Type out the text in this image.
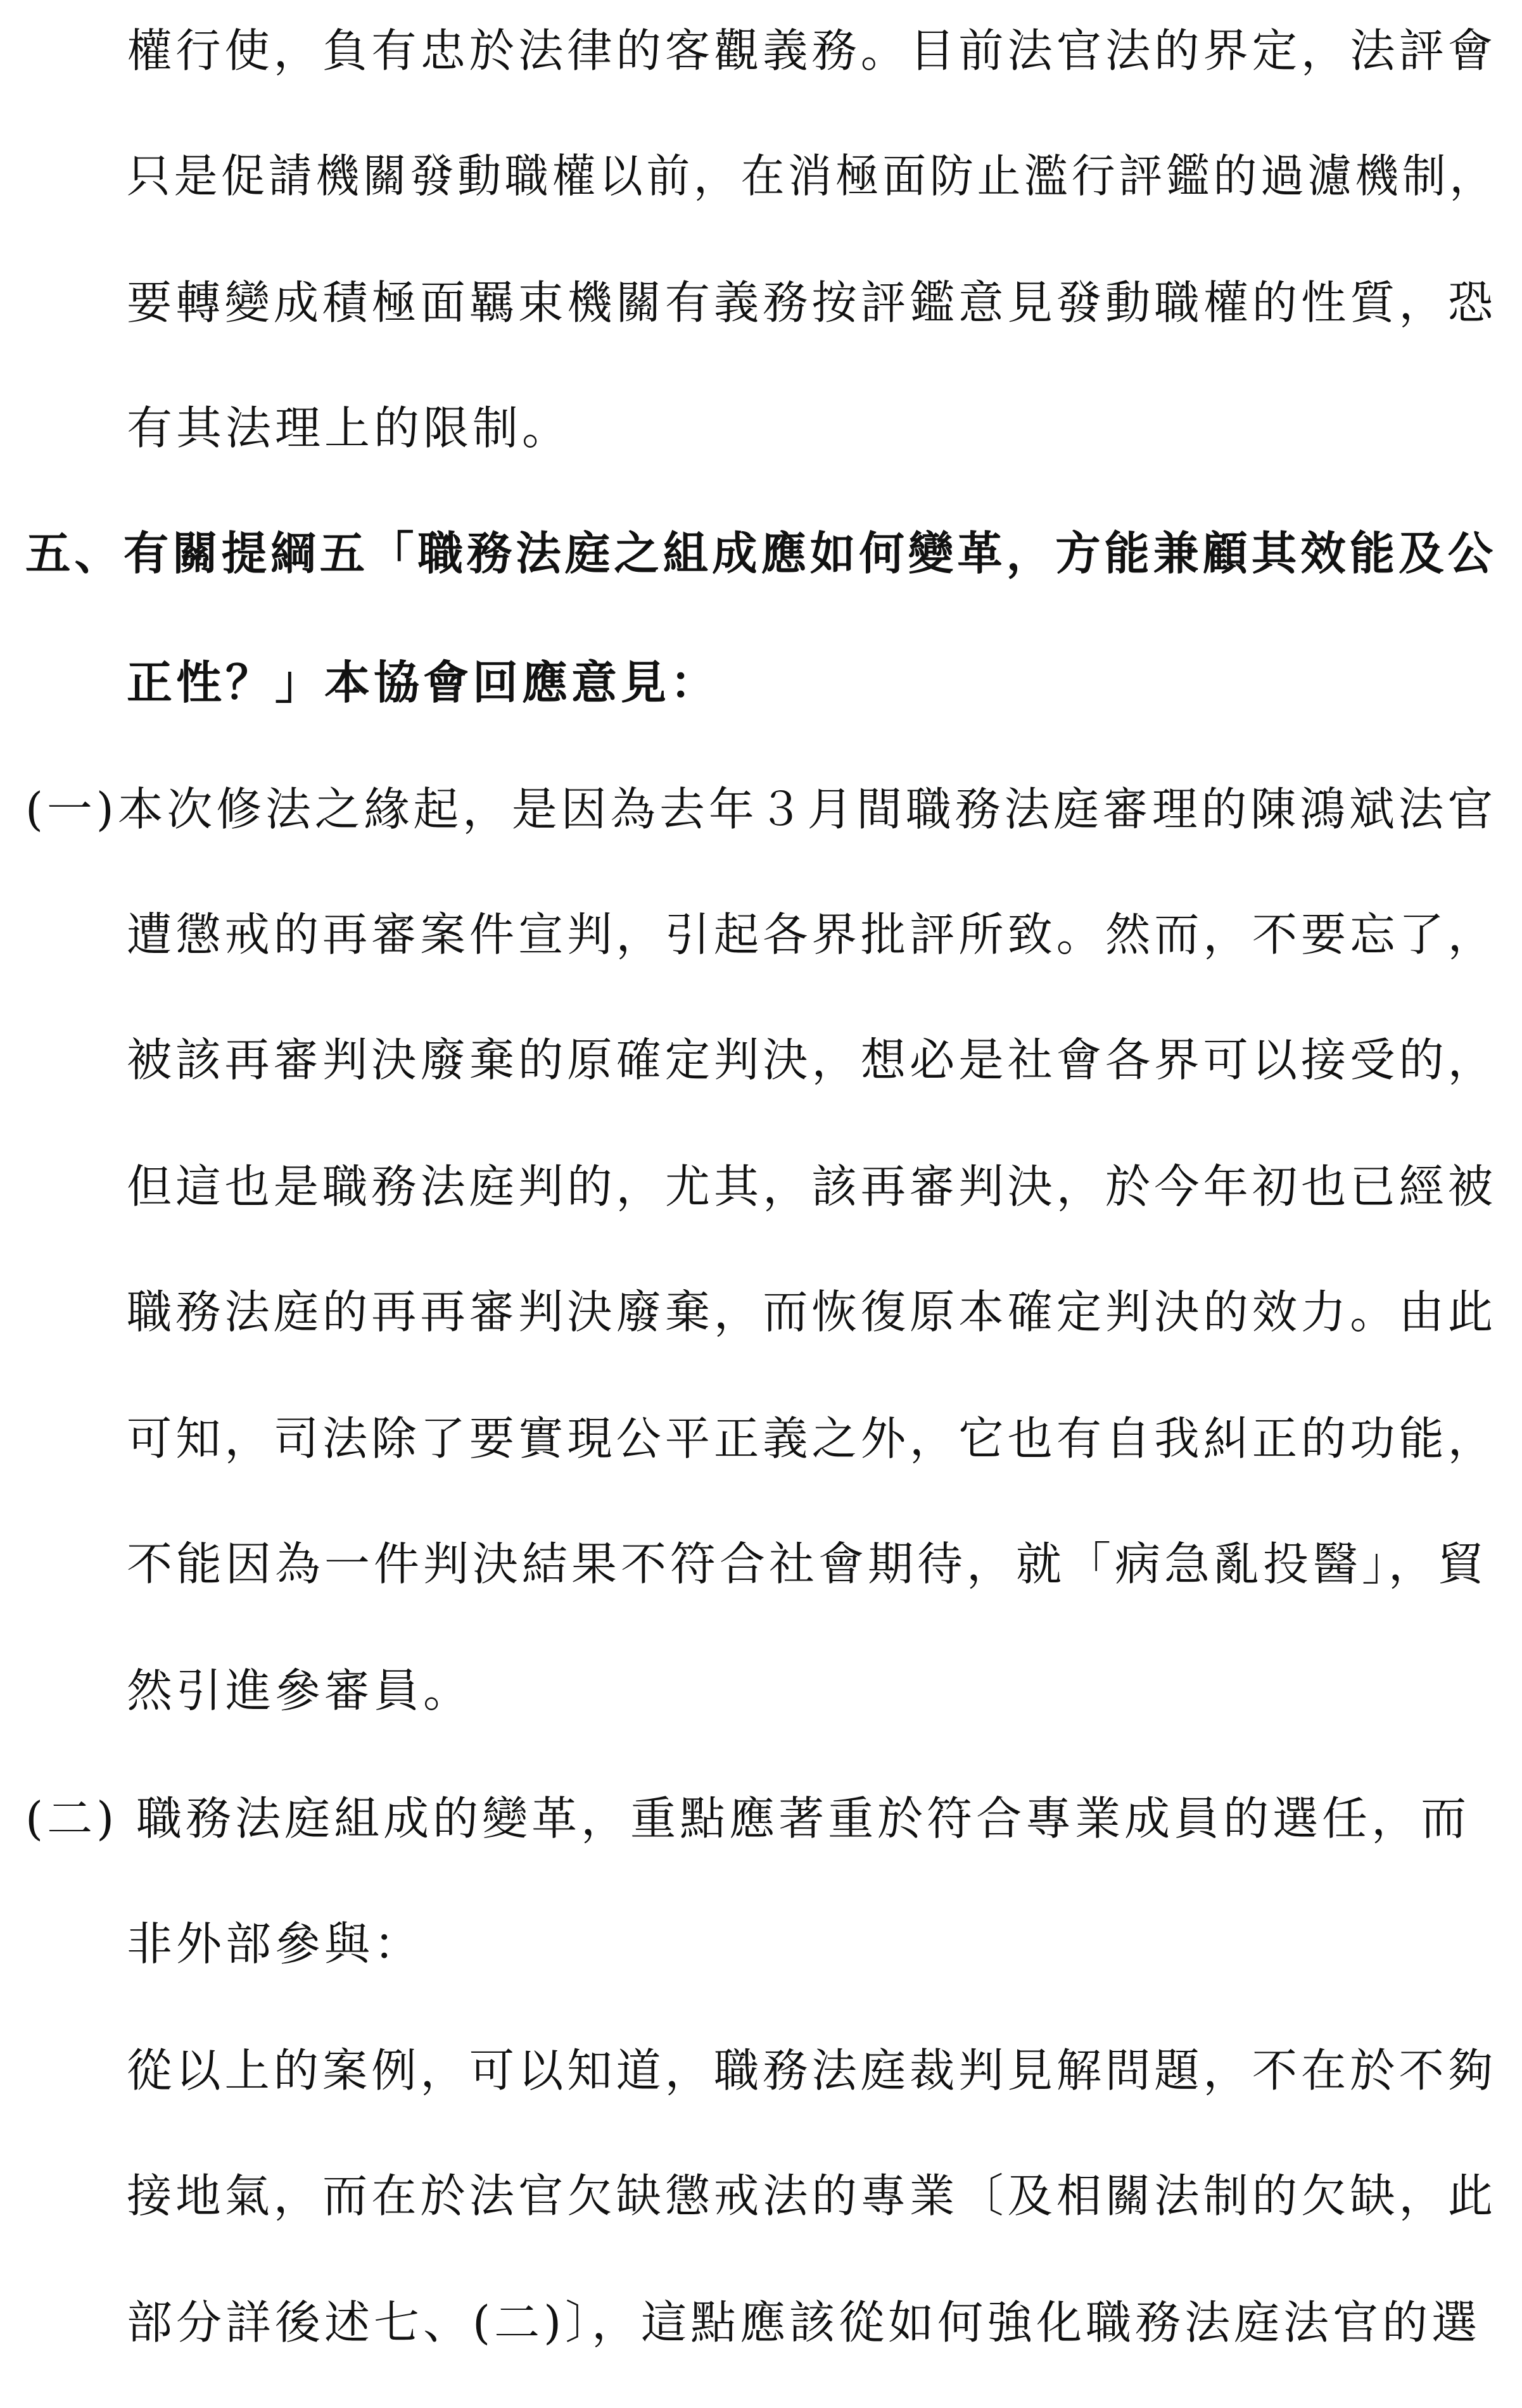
權行使，負有忠於法律的客觀義務。目前法官法的界定，法評會
只是促請機關發動職權以前，在消極面防止濫行評鑑的過濾機制，
要轉變成積極面羈束機關有義務按評鑑意見發動職權的性質，恐
有其法理上的限制。
五、有關提綱五「職務法庭之組成應如何變革，方能兼顧其效能及公
正性？」本協會回應意見：
(一)本次修法之緣起，是因為去年３月間職務法庭審理的陳鴻斌法官
遭懲戒的再審案件宣判，引起各界批評所致。然而，不要忘了，
被該再審判決廢棄的原確定判決，想必是社會各界可以接受的，
但這也是職務法庭判的，尤其，該再審判決，於今年初也已經被
職務法庭的再再審判決廢棄，而恢復原本確定判決的效力。由此
可知，司法除了要實現公平正義之外，它也有自我糾正的功能，
不能因為一件判決結果不符合社會期待，就「病急亂投醫」，貿
然引進參審員。
(二) 職務法庭組成的變革，重點應著重於符合專業成員的選任，而
非外部參與：
從以上的案例，可以知道，職務法庭裁判見解問題，不在於不夠
接地氣，而在於法官欠缺懲戒法的專業〔及相關法制的欠缺，此
部分詳後述七、(二)〕，這點應該從如何強化職務法庭法官的選
